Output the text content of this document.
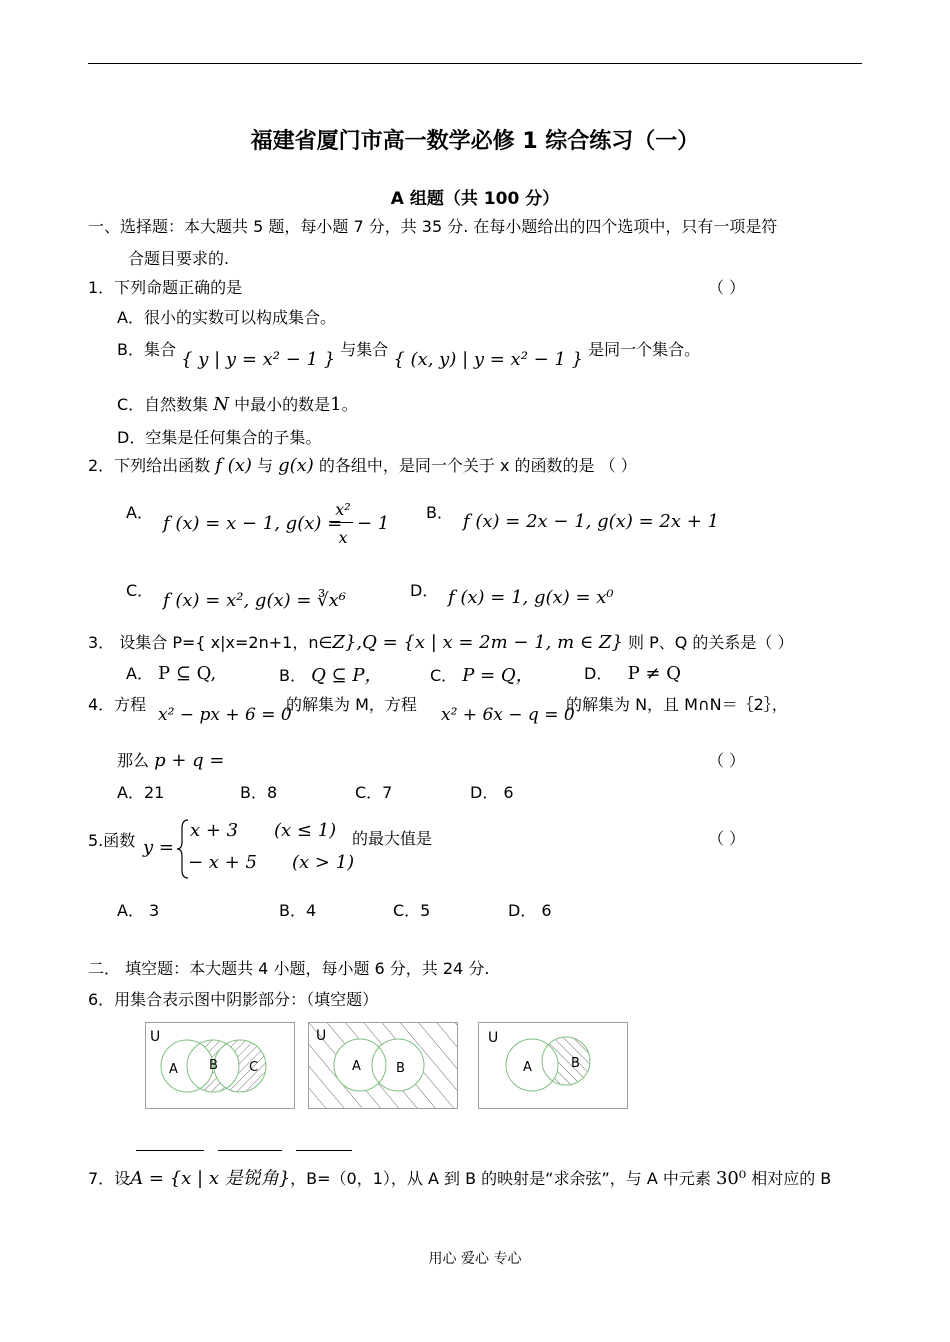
福建省厦门市高一数学必修 1 综合练习（一）
A 组题（共 100 分）
一、选择题：本大题共 5 题，每小题 7 分，共 35 分. 在每小题给出的四个选项中，只有一项是符
合题目要求的.
1．下列命题正确的是	（ ）
A．很小的实数可以构成集合。
B．集合 { y | y = x² − 1 } 与集合 { (x, y) | y = x² − 1 } 是同一个集合。
C．自然数集 N 中最小的数是1。
D．空集是任何集合的子集。
2．下列给出函数 f (x) 与 g(x) 的各组中，是同一个关于 x 的函数的是 （ ）
A．
f (x) = x − 1, g(x) =
x²
x
− 1
B． f (x) = 2x − 1, g(x) = 2x + 1
C． f (x) = x², g(x) = ∛x⁶	D． f (x) = 1, g(x) = x⁰
3． 设集合 P={ x|x=2n+1，n∈Z},Q = {x | x = 2m − 1, m ∈ Z} 则 P、Q 的关系是（ ）
A． P ⊆ Q,	B． Q ⊆ P，	C． P = Q，	D． P ≠ Q
4．方程
x² − px + 6 = 0
的解集为 M，方程
x² + 6x − q = 0
的解集为 N，且 M∩N＝｛2｝，
那么 p + q =	（ ）
A．21	B．8	C．7	D． 6
5.函数 y =
x + 3 (x ≤ 1)
− x + 5 (x > 1)
的最大值是	（ ）
A． 3	B．4	C．5	D． 6
二． 填空题：本大题共 4 小题，每小题 6 分，共 24 分.
6．用集合表示图中阴影部分：（填空题）
U
A B C
U
A	B
U
A	B
7．设A = {x | x 是锐角}，B=（0，1），从 A 到 B 的映射是“求余弦”，与 A 中元素 30⁰ 相对应的 B
用心 爱心 专心
